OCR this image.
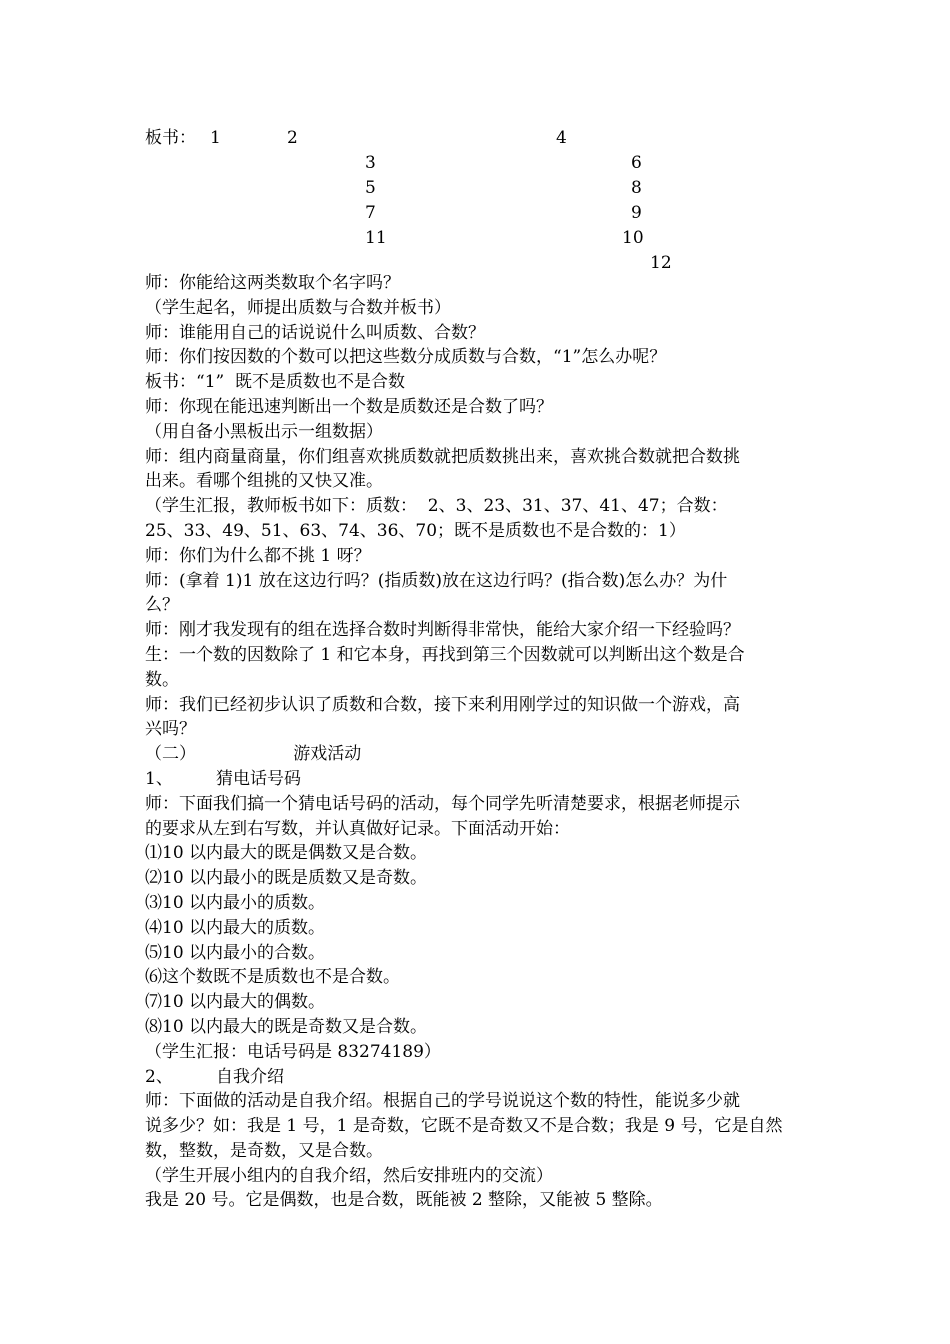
板书： 1	2	4
3
5
7
11
6
8
9
10
12

师：你能给这两类数取个名字吗？

（学生起名，师提出质数与合数并板书）

师：谁能用自己的话说说什么叫质数、合数？

师：你们按因数的个数可以把这些数分成质数与合数，“1”怎么办呢？

板书：“1”  既不是质数也不是合数

师：你现在能迅速判断出一个数是质数还是合数了吗？

（用自备小黑板出示一组数据）

师：组内商量商量，你们组喜欢挑质数就把质数挑出来，喜欢挑合数就把合数挑

出来。看哪个组挑的又快又准。

（学生汇报，教师板书如下：质数：  2、3、23、31、37、41、47；合数：

25、33、49、51、63、74、36、70；既不是质数也不是合数的：1）

师：你们为什么都不挑 1 呀？

师：(拿着 1)1 放在这边行吗？(指质数)放在这边行吗？(指合数)怎么办？为什

么？

师：刚才我发现有的组在选择合数时判断得非常快，能给大家介绍一下经验吗？

生：一个数的因数除了 1 和它本身，再找到第三个因数就可以判断出这个数是合

数。

师：我们已经初步认识了质数和合数，接下来利用刚学过的知识做一个游戏，高

兴吗？

（二）                  游戏活动

1、        猜电话号码

师：下面我们搞一个猜电话号码的活动，每个同学先听清楚要求，根据老师提示

的要求从左到右写数，并认真做好记录。下面活动开始：

⑴10 以内最大的既是偶数又是合数。

⑵10 以内最小的既是质数又是奇数。

⑶10 以内最小的质数。

⑷10 以内最大的质数。

⑸10 以内最小的合数。

⑹这个数既不是质数也不是合数。

⑺10 以内最大的偶数。

⑻10 以内最大的既是奇数又是合数。

（学生汇报：电话号码是 83274189）

2、        自我介绍

师：下面做的活动是自我介绍。根据自己的学号说说这个数的特性，能说多少就

说多少？如：我是 1 号，1 是奇数，它既不是奇数又不是合数；我是 9 号，它是自然

数，整数，是奇数，又是合数。

（学生开展小组内的自我介绍，然后安排班内的交流）

我是 20 号。它是偶数，也是合数，既能被 2 整除，又能被 5 整除。
